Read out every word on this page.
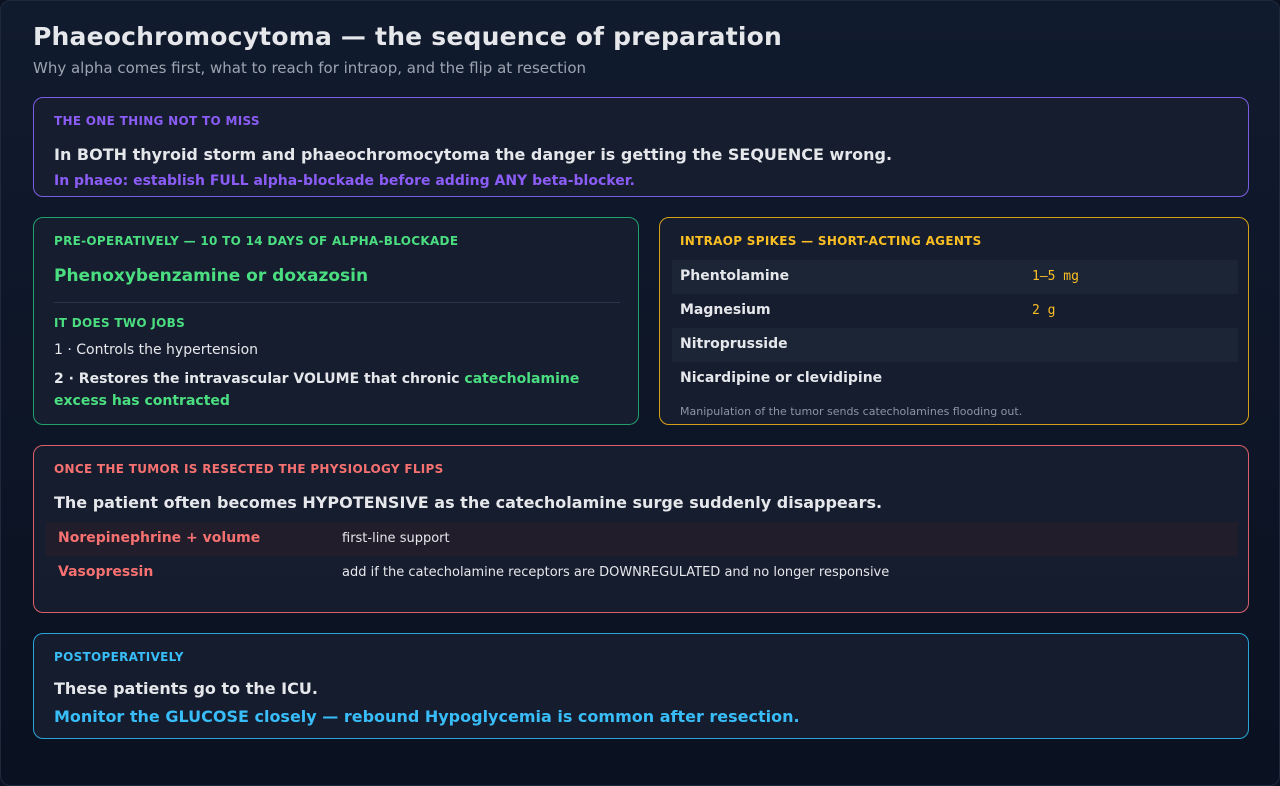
Phaeochromocytoma — the sequence of preparation
Why alpha comes first, what to reach for intraop, and the flip at resection
THE ONE THING NOT TO MISS
In BOTH thyroid storm and phaeochromocytoma the danger is getting the SEQUENCE wrong.
In phaeo: establish FULL alpha-blockade before adding ANY beta-blocker.
PRE-OPERATIVELY — 10 TO 14 DAYS OF ALPHA-BLOCKADE
Phenoxybenzamine or doxazosin
IT DOES TWO JOBS
1 · Controls the hypertension
2 · Restores the intravascular VOLUME that chronic catecholamine excess has contracted
INTRAOP SPIKES — SHORT-ACTING AGENTS
Phentolamine	1–5 mg
Magnesium	2 g
Nitroprusside
Nicardipine or clevidipine
Manipulation of the tumor sends catecholamines flooding out.
ONCE THE TUMOR IS RESECTED THE PHYSIOLOGY FLIPS
The patient often becomes HYPOTENSIVE as the catecholamine surge suddenly disappears.
Norepinephrine + volume	first-line support
Vasopressin	add if the catecholamine receptors are DOWNREGULATED and no longer responsive
POSTOPERATIVELY
These patients go to the ICU.
Monitor the GLUCOSE closely — rebound Hypoglycemia is common after resection.
